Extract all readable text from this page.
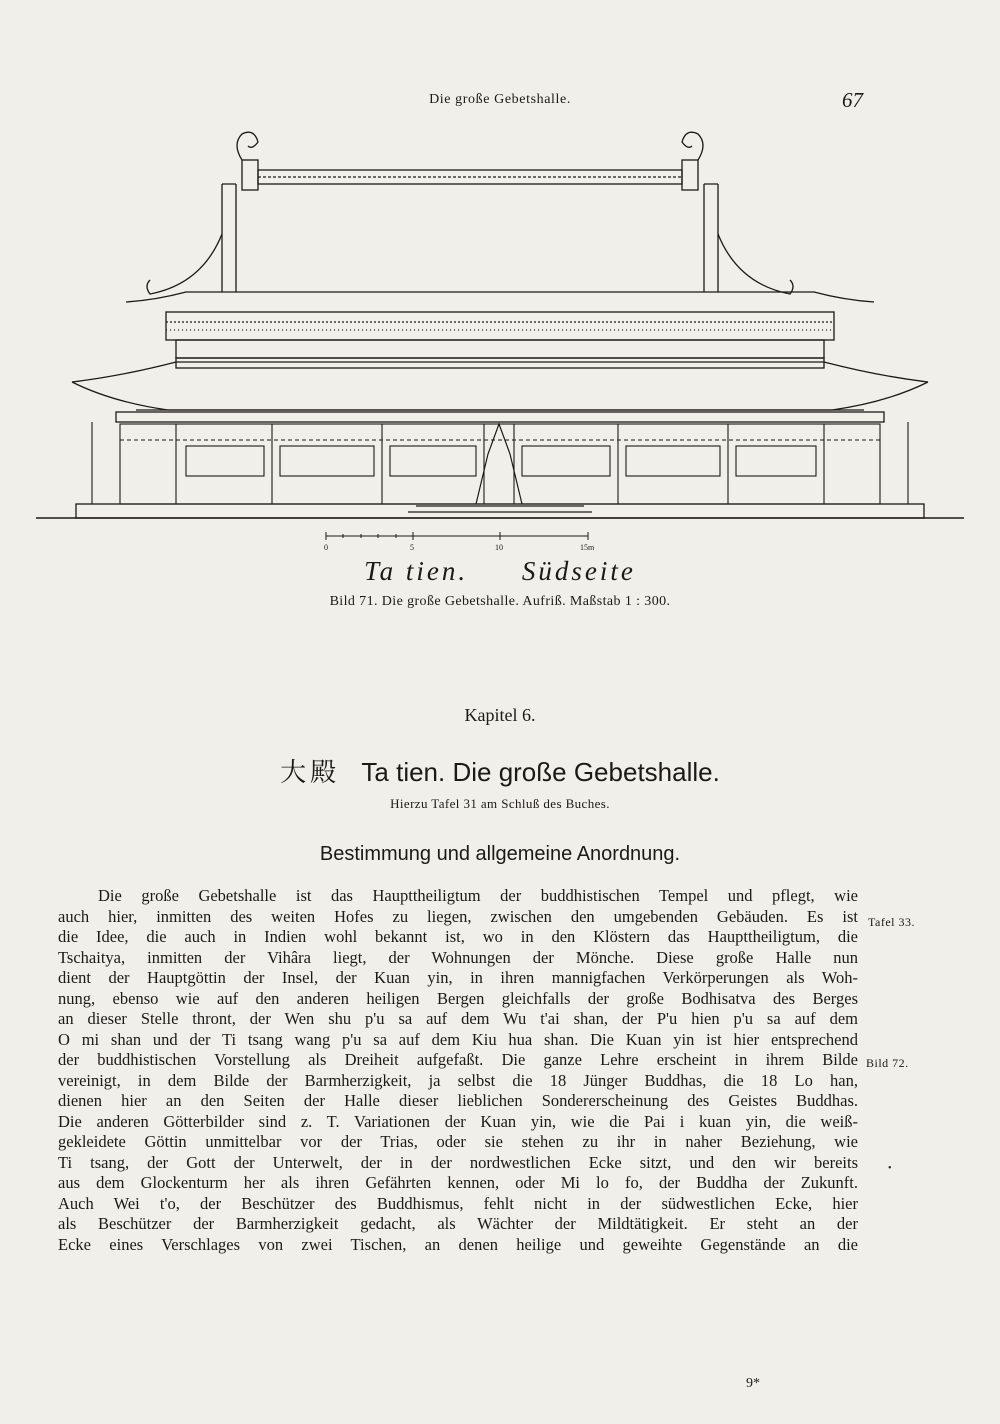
Die große Gebetshalle.	67
0	5	10	15m
Ta tien. Südseite
Bild 71. Die große Gebetshalle. Aufriß. Maßstab 1 : 300.
Kapitel 6.
大殿 Ta tien. Die große Gebetshalle.
Hierzu Tafel 31 am Schluß des Buches.
Bestimmung und allgemeine Anordnung.
Die große Gebetshalle ist das Haupttheiligtum der buddhistischen Tempel und pflegt, wie
auch hier, inmitten des weiten Hofes zu liegen, zwischen den umgebenden Gebäuden. Es ist
die Idee, die auch in Indien wohl bekannt ist, wo in den Klöstern das Haupttheiligtum, die
Tschaitya, inmitten der Vihâra liegt, der Wohnungen der Mönche. Diese große Halle nun
dient der Hauptgöttin der Insel, der Kuan yin, in ihren mannigfachen Verkörperungen als Woh-
nung, ebenso wie auf den anderen heiligen Bergen gleichfalls der große Bodhisatva des Berges
an dieser Stelle thront, der Wen shu p'u sa auf dem Wu t'ai shan, der P'u hien p'u sa auf dem
O mi shan und der Ti tsang wang p'u sa auf dem Kiu hua shan. Die Kuan yin ist hier entsprechend
der buddhistischen Vorstellung als Dreiheit aufgefaßt. Die ganze Lehre erscheint in ihrem Bilde
vereinigt, in dem Bilde der Barmherzigkeit, ja selbst die 18 Jünger Buddhas, die 18 Lo han,
dienen hier an den Seiten der Halle dieser lieblichen Sondererscheinung des Geistes Buddhas.
Die anderen Götterbilder sind z. T. Variationen der Kuan yin, wie die Pai i kuan yin, die weiß-
gekleidete Göttin unmittelbar vor der Trias, oder sie stehen zu ihr in naher Beziehung, wie
Ti tsang, der Gott der Unterwelt, der in der nordwestlichen Ecke sitzt, und den wir bereits
aus dem Glockenturm her als ihren Gefährten kennen, oder Mi lo fo, der Buddha der Zukunft.
Auch Wei t'o, der Beschützer des Buddhismus, fehlt nicht in der südwestlichen Ecke, hier
als Beschützer der Barmherzigkeit gedacht, als Wächter der Mildtätigkeit. Er steht an der
Ecke eines Verschlages von zwei Tischen, an denen heilige und geweihte Gegenstände an die
Tafel 33.
Bild 72.
•
9*
